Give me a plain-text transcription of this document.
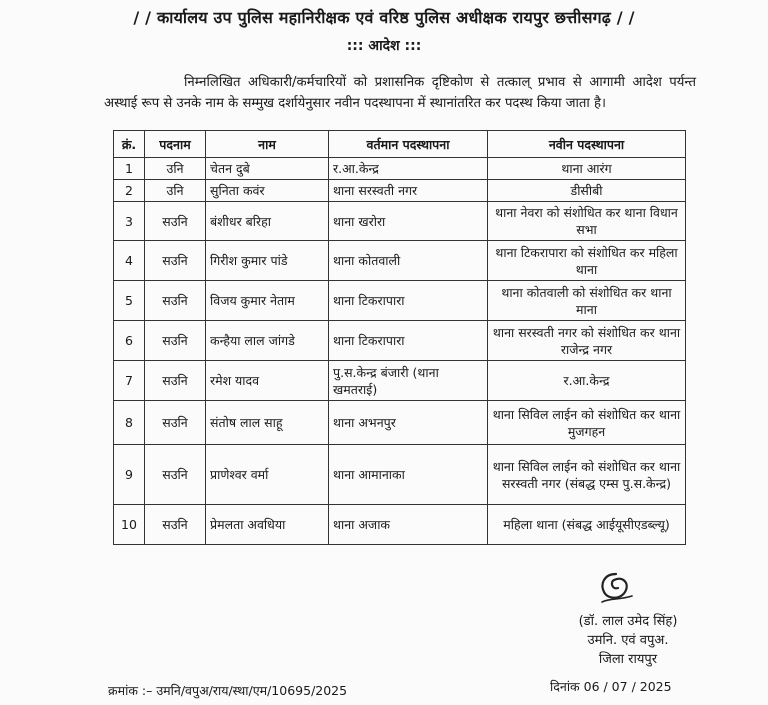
/ / कार्यालय उप पुलिस महानिरीक्षक एवं वरिष्ठ पुलिस अधीक्षक रायपुर छत्तीसगढ़ / /
::: आदेश :::
निम्नलिखित अधिकारी/कर्मचारियों को प्रशासनिक दृष्टिकोण से तत्काल् प्रभाव से आगामी आदेश पर्यन्त अस्थाई रूप से उनके नाम के सम्मुख दर्शायेनुसार नवीन पदस्थापना में स्थानांतरित कर पदस्थ किया जाता है।
क्रं.	पदनाम	नाम	वर्तमान पदस्थापना	नवीन पदस्थापना
1	उनि	चेतन दुबे	र.आ.केन्द्र	थाना आरंग
2	उनि	सुनिता कवंर	थाना सरस्वती नगर	डीसीबी
3	सउनि	बंशीधर बरिहा	थाना खरोरा	थाना नेवरा को संशोधित कर थाना विधान सभा
4	सउनि	गिरीश कुमार पांडे	थाना कोतवाली	थाना टिकरापारा को संशोधित कर महिला थाना
5	सउनि	विजय कुमार नेताम	थाना टिकरापारा	थाना कोतवाली को संशोधित कर थाना माना
6	सउनि	कन्हैया लाल जांगडे	थाना टिकरापारा	थाना सरस्वती नगर को संशोधित कर थाना राजेन्द्र नगर
7	सउनि	रमेश यादव	पु.स.केन्द्र बंजारी (थाना खमतराई)	र.आ.केन्द्र
8	सउनि	संतोष लाल साहू	थाना अभनपुर	थाना सिविल लाईन को संशोधित कर थाना मुजगहन
9	सउनि	प्राणेश्वर वर्मा	थाना आमानाका	थाना सिविल लाईन को संशोधित कर थाना सरस्वती नगर (संबद्ध एम्स पु.स.केन्द्र)
10	सउनि	प्रेमलता अवधिया	थाना अजाक	महिला थाना (संबद्ध आईयूसीएडब्ल्यू)
(डॉ. लाल उमेद सिंह)
उमनि. एवं वपुअ.
जिला रायपुर
क्रमांक :– उमनि/वपुअ/राय/स्था/एम/10695/2025	दिनांक 06 / 07 / 2025
